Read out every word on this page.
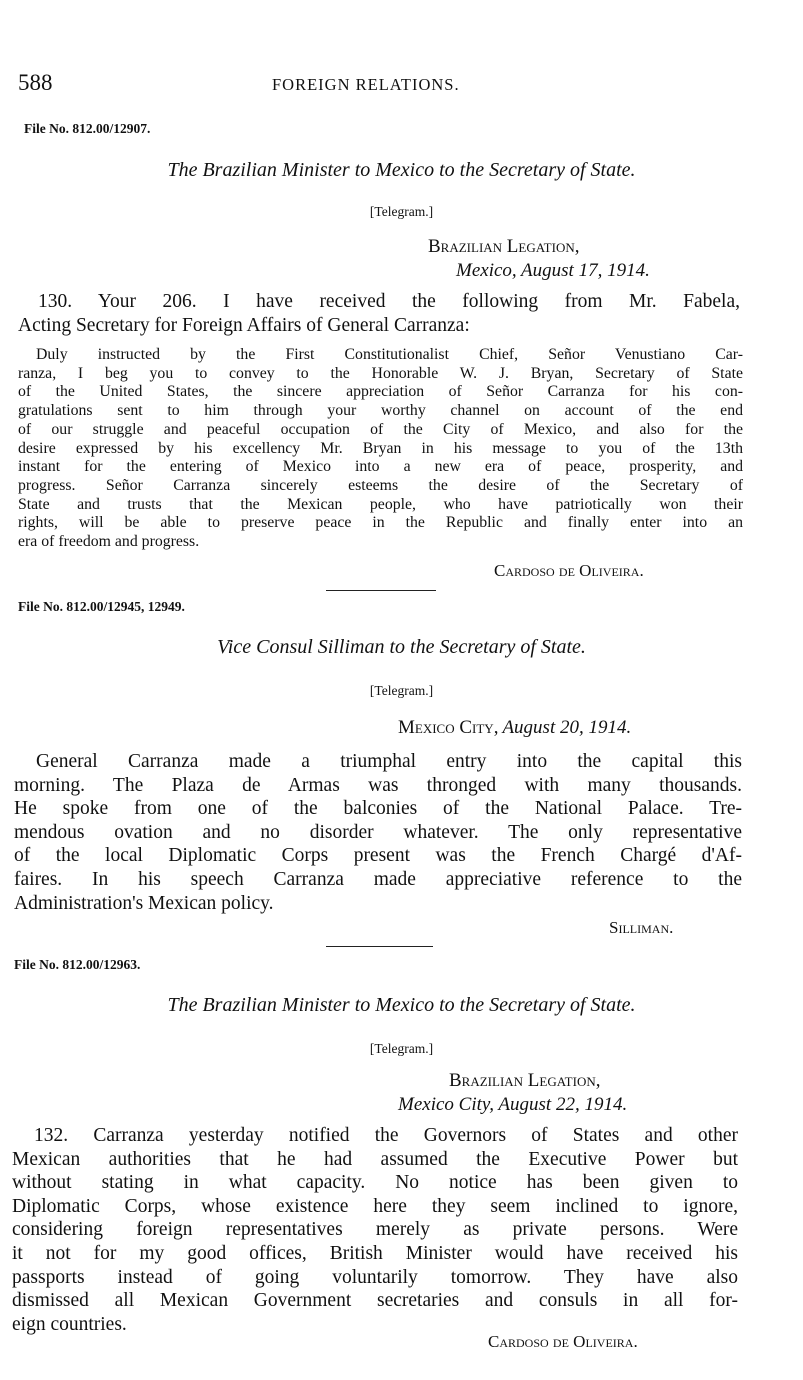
588	FOREIGN RELATIONS.
File No. 812.00/12907.
The Brazilian Minister to Mexico to the Secretary of State.
[Telegram.]
Brazilian Legation,
Mexico, August 17, 1914.
130. Your 206. I have received the following from Mr. Fabela,
Acting Secretary for Foreign Affairs of General Carranza:
Duly instructed by the First Constitutionalist Chief, Señor Venustiano Car-
ranza, I beg you to convey to the Honorable W. J. Bryan, Secretary of State
of the United States, the sincere appreciation of Señor Carranza for his con-
gratulations sent to him through your worthy channel on account of the end
of our struggle and peaceful occupation of the City of Mexico, and also for the
desire expressed by his excellency Mr. Bryan in his message to you of the 13th
instant for the entering of Mexico into a new era of peace, prosperity, and
progress. Señor Carranza sincerely esteems the desire of the Secretary of
State and trusts that the Mexican people, who have patriotically won their
rights, will be able to preserve peace in the Republic and finally enter into an
era of freedom and progress.
Cardoso de Oliveira.
File No. 812.00/12945, 12949.
Vice Consul Silliman to the Secretary of State.
[Telegram.]
Mexico City, August 20, 1914.
General Carranza made a triumphal entry into the capital this
morning. The Plaza de Armas was thronged with many thousands.
He spoke from one of the balconies of the National Palace. Tre-
mendous ovation and no disorder whatever. The only representative
of the local Diplomatic Corps present was the French Chargé d'Af-
faires. In his speech Carranza made appreciative reference to the
Administration's Mexican policy.
Silliman.
File No. 812.00/12963.
The Brazilian Minister to Mexico to the Secretary of State.
[Telegram.]
Brazilian Legation,
Mexico City, August 22, 1914.
132. Carranza yesterday notified the Governors of States and other
Mexican authorities that he had assumed the Executive Power but
without stating in what capacity. No notice has been given to
Diplomatic Corps, whose existence here they seem inclined to ignore,
considering foreign representatives merely as private persons. Were
it not for my good offices, British Minister would have received his
passports instead of going voluntarily tomorrow. They have also
dismissed all Mexican Government secretaries and consuls in all for-
eign countries.
Cardoso de Oliveira.
